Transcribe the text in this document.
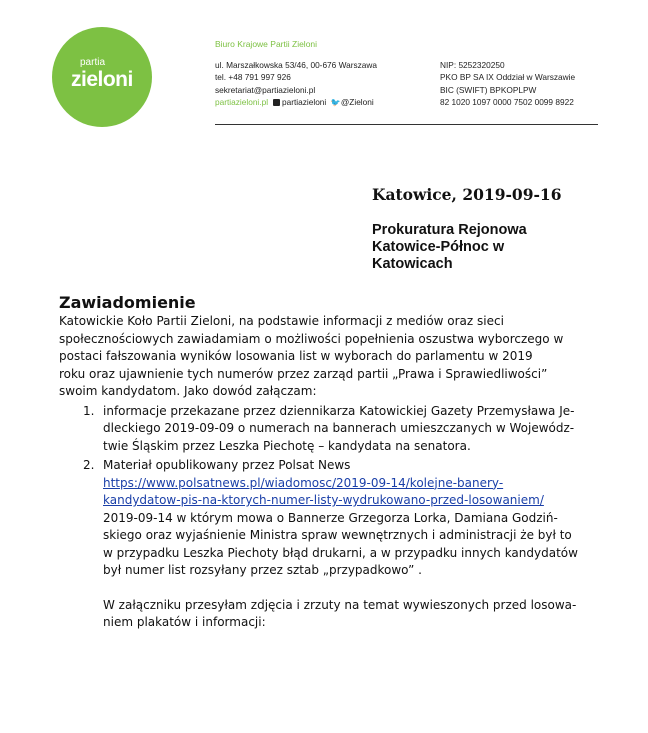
partia
zieloni
Biuro Krajowe Partii Zieloni
ul. Marszałkowska 53/46, 00-676 Warszawa
tel. +48 791 997 926
sekretariat@partiazieloni.pl
partiazieloni.pl partiazieloni 🐦@Zieloni
NIP: 5252320250
PKO BP SA IX Oddział w Warszawie
BIC (SWIFT) BPKOPLPW
82 1020 1097 0000 7502 0099 8922
Katowice, 2019-09-16
Prokuratura Rejonowa
Katowice-Północ w
Katowicach
Zawiadomienie
Katowickie Koło Partii Zieloni, na podstawie informacji z mediów oraz sieci
społecznościowych zawiadamiam o możliwości popełnienia oszustwa wyborczego w
postaci fałszowania wyników losowania list w wyborach do parlamentu w 2019
roku oraz ujawnienie tych numerów przez zarząd partii „Prawa i Sprawiedliwości”
swoim kandydatom. Jako dowód załączam:
1. informacje przekazane przez dziennikarza Katowickiej Gazety Przemysława Je-
dleckiego 2019-09-09 o numerach na bannerach umieszczanych w Wojewódz-
twie Śląskim przez Leszka Piechotę – kandydata na senatora.
2. Materiał opublikowany przez Polsat News
https://www.polsatnews.pl/wiadomosc/2019-09-14/kolejne-banery-
kandydatow-pis-na-ktorych-numer-listy-wydrukowano-przed-losowaniem/
2019-09-14 w którym mowa o Bannerze Grzegorza Lorka, Damiana Godziń-
skiego oraz wyjaśnienie Ministra spraw wewnętrznych i administracji że był to
w przypadku Leszka Piechoty błąd drukarni, a w przypadku innych kandydatów
był numer list rozsyłany przez sztab „przypadkowo” .
W załączniku przesyłam zdjęcia i zrzuty na temat wywieszonych przed losowa-
niem plakatów i informacji:
